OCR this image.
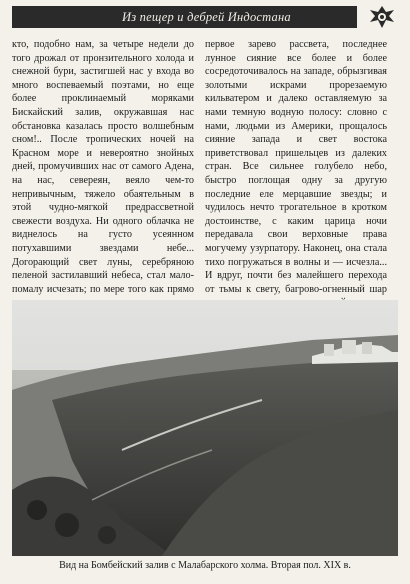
Из пещер и дебрей Индостана

кто, подобно нам, за четыре недели до того дрожал от пронзительного холода и снежной бури, застигшей нас у входа во много воспеваемый поэтами, но еще более проклинаемый моряками Бискайский залив, окружавшая нас обстановка казалась просто волшебным сном!.. После тропических ночей на Красном море и невероятно знойных дней, промучивших нас от самого Адена, на нас, севереян, веяло чем-то непривычным, тяжело обаятельным в этой чудно-мягкой предрассветной свежести воздуха. Ни одного облачка не виднелось на густо усеянном потухавшими звездами небе... Догорающий свет луны, серебряною пеленой застилавший небеса, стал мало-помалу исчезать; по мере того как прямо

первое зарево рассвета, последнее лунное сияние все более и более сосредоточивалось на западе, обрызгивая золотыми искрами прорезаемую кильватером и далеко оставляемую за нами темную водную полосу: словно с нами, людьми из Америки, прощалось сияние запада и свет востока приветствовал пришельцев из далеких стран. Все сильнее голубело небо, быстро поглощая одну за другую последние еле мерцавшие звезды; и чудилось нечто трогательное в кротком достоинстве, с каким царица ночи передавала свои верховные права могучему узурпатору. Наконец, она стала тихо погружаться в волны и — исчезла... И вдруг, почти без малейшего перехода от тьмы к свету, багрово-огненный шар

Вид на Бомбейский залив с Малабарского холма. Вторая пол. XIX в.
